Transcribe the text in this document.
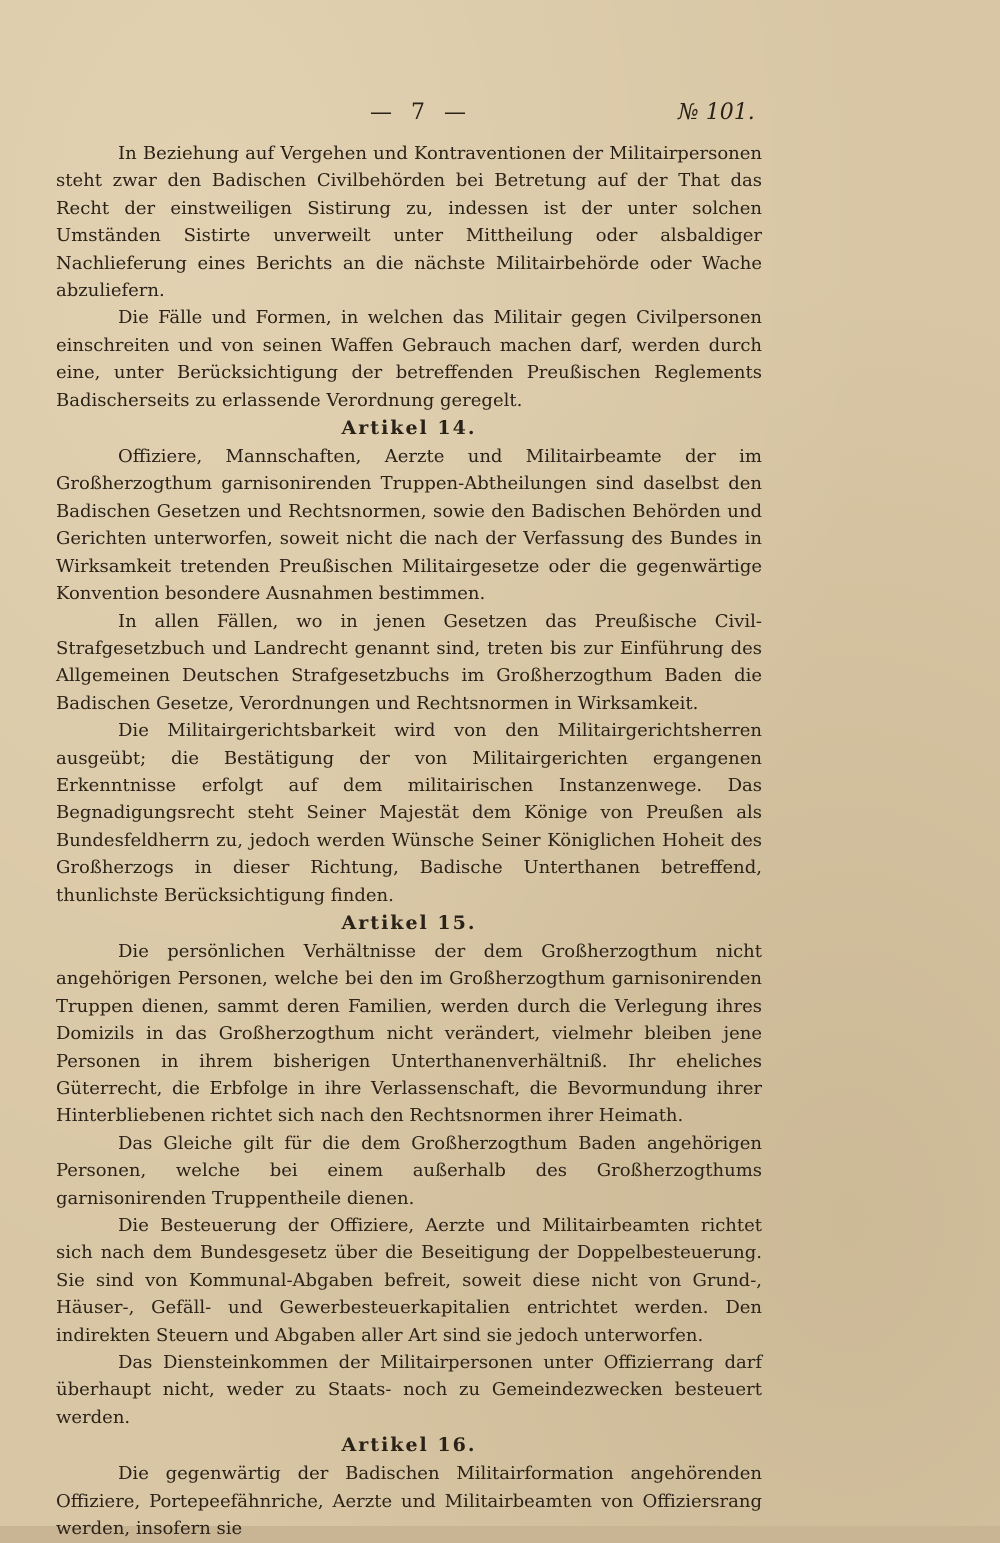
— 7 —	№ 101.

In Beziehung auf Vergehen und Kontraventionen der Militairpersonen steht zwar den Badischen Civilbehörden bei Betretung auf der That das Recht der einstweiligen Sistirung zu, indessen ist der unter solchen Umständen Sistirte unverweilt unter Mittheilung oder alsbaldiger Nachlieferung eines Berichts an die nächste Militairbehörde oder Wache abzuliefern.

Die Fälle und Formen, in welchen das Militair gegen Civilpersonen einschreiten und von seinen Waffen Gebrauch machen darf, werden durch eine, unter Berücksichtigung der betreffenden Preußischen Reglements Badischerseits zu erlassende Verordnung geregelt.

Artikel 14.

Offiziere, Mannschaften, Aerzte und Militairbeamte der im Großherzogthum garnisonirenden Truppen-Abtheilungen sind daselbst den Badischen Gesetzen und Rechtsnormen, sowie den Badischen Behörden und Gerichten unterworfen, soweit nicht die nach der Verfassung des Bundes in Wirksamkeit tretenden Preußischen Militairgesetze oder die gegenwärtige Konvention besondere Ausnahmen bestimmen.

In allen Fällen, wo in jenen Gesetzen das Preußische Civil-Strafgesetzbuch und Landrecht genannt sind, treten bis zur Einführung des Allgemeinen Deutschen Strafgesetzbuchs im Großherzogthum Baden die Badischen Gesetze, Verordnungen und Rechtsnormen in Wirksamkeit.

Die Militairgerichtsbarkeit wird von den Militairgerichtsherren ausgeübt; die Bestätigung der von Militairgerichten ergangenen Erkenntnisse erfolgt auf dem militairischen Instanzenwege. Das Begnadigungsrecht steht Seiner Majestät dem Könige von Preußen als Bundesfeldherrn zu, jedoch werden Wünsche Seiner Königlichen Hoheit des Großherzogs in dieser Richtung, Badische Unterthanen betreffend, thunlichste Berücksichtigung finden.

Artikel 15.

Die persönlichen Verhältnisse der dem Großherzogthum nicht angehörigen Personen, welche bei den im Großherzogthum garnisonirenden Truppen dienen, sammt deren Familien, werden durch die Verlegung ihres Domizils in das Großherzogthum nicht verändert, vielmehr bleiben jene Personen in ihrem bisherigen Unterthanenverhältniß. Ihr eheliches Güterrecht, die Erbfolge in ihre Verlassenschaft, die Bevormundung ihrer Hinterbliebenen richtet sich nach den Rechtsnormen ihrer Heimath.

Das Gleiche gilt für die dem Großherzogthum Baden angehörigen Personen, welche bei einem außerhalb des Großherzogthums garnisonirenden Truppentheile dienen.

Die Besteuerung der Offiziere, Aerzte und Militairbeamten richtet sich nach dem Bundesgesetz über die Beseitigung der Doppelbesteuerung. Sie sind von Kommunal-Abgaben befreit, soweit diese nicht von Grund-, Häuser-, Gefäll- und Gewerbesteuerkapitalien entrichtet werden. Den indirekten Steuern und Abgaben aller Art sind sie jedoch unterworfen.

Das Diensteinkommen der Militairpersonen unter Offizierrang darf überhaupt nicht, weder zu Staats- noch zu Gemeindezwecken besteuert werden.

Artikel 16.

Die gegenwärtig der Badischen Militairformation angehörenden Offiziere, Portepeefähnriche, Aerzte und Militairbeamten von Offiziersrang werden, insofern sie
